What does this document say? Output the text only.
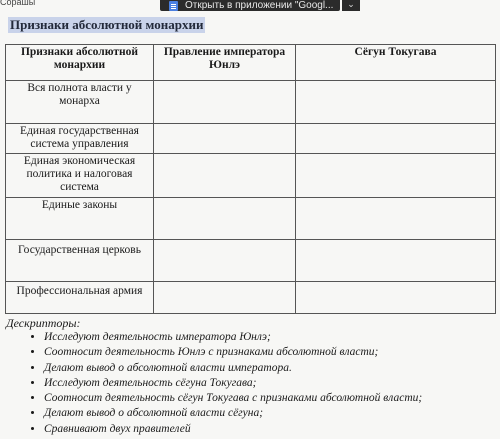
Сорашы	Открыть в приложении "Googl...	⌄
Признаки абсолютной монархии
Признаки абсолютной монархии	Правление императора Юнлэ	Сёгун Токугава
Вся полнота власти у монарха		
Единая государственная система управления		
Единая экономическая политика и налоговая система		
Единые законы		
Государственная церковь		
Профессиональная армия		
Дескрипторы:
• Исследуют деятельность императора Юнлэ;
• Соотносит деятельность Юнлэ с признаками абсолютной власти;
• Делают вывод о абсолютной власти императора.
• Исследуют деятельность сёгуна Токугава;
• Соотносит деятельность сёгун Токугава с признаками абсолютной власти;
• Делают вывод о абсолютной власти сёгуна;
• Сравнивают двух правителей
